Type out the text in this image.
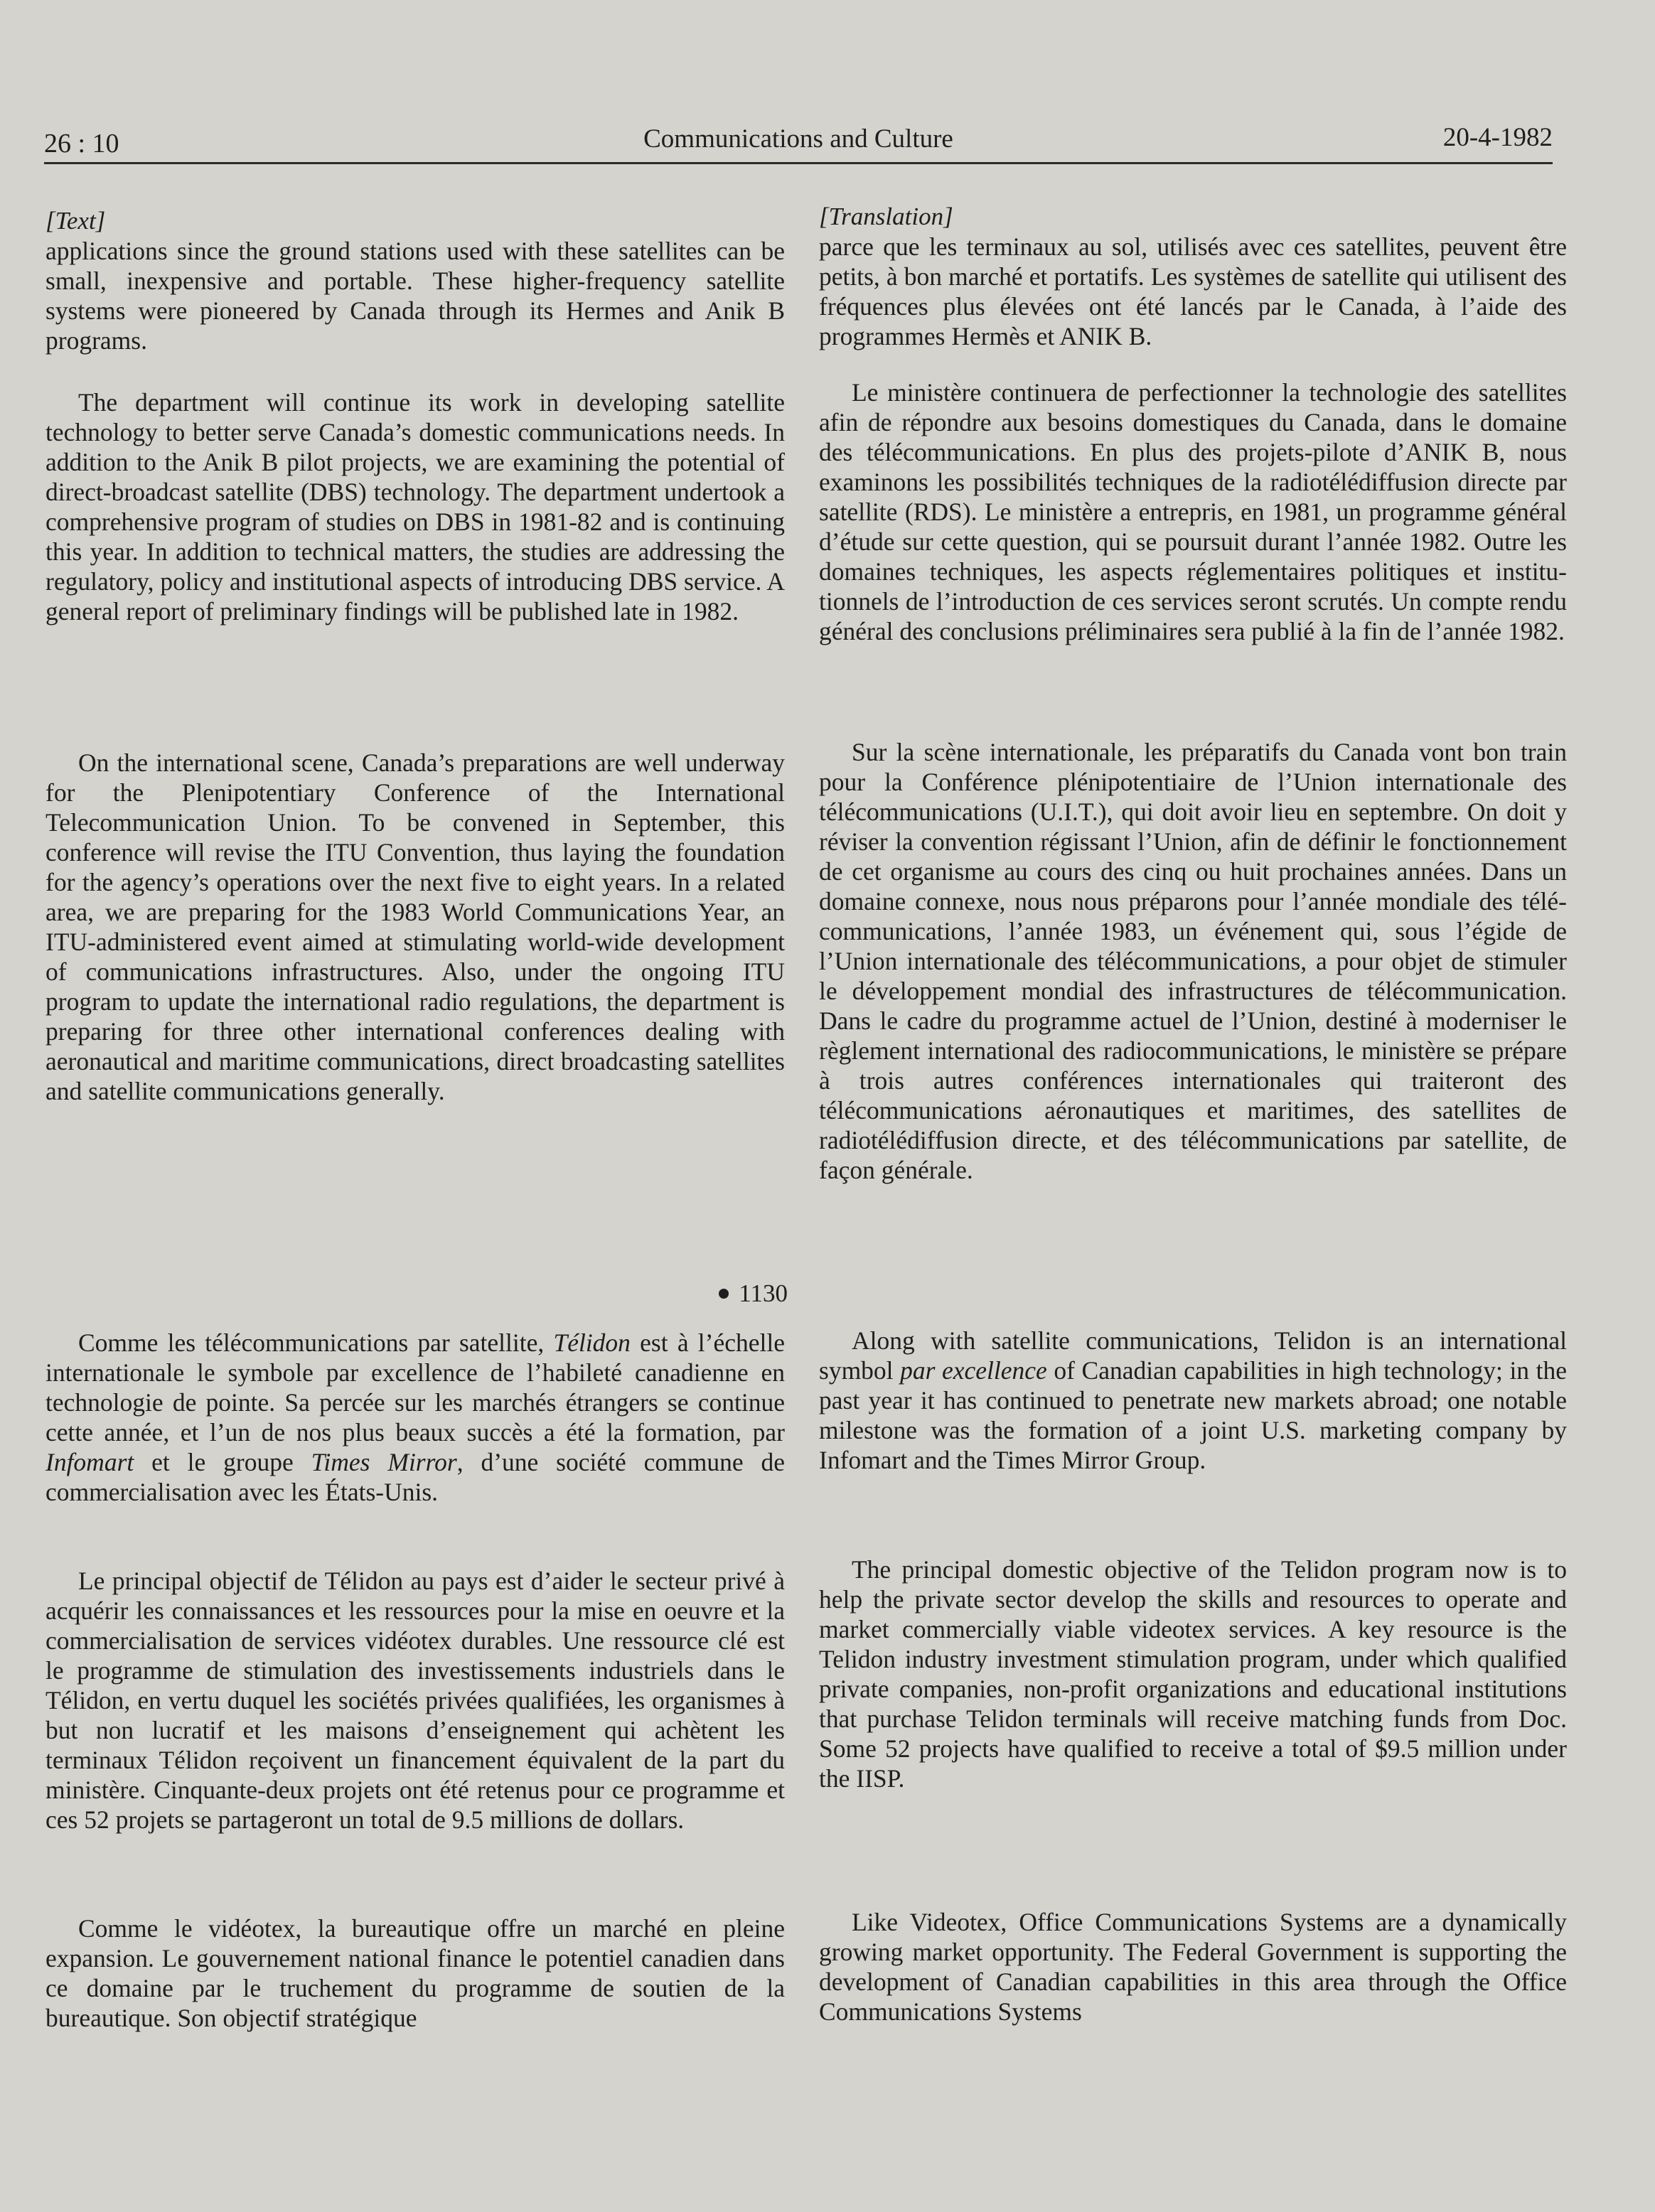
26 : 10	Communications and Culture	20-4-1982
[Text]

applications since the ground stations used with these satellites can be small, inexpensive and portable. These higher-frequency satellite systems were pioneered by Canada through its Hermes and Anik B programs.

The department will continue its work in developing satellite technology to better serve Canada’s domestic communications needs. In addition to the Anik B pilot projects, we are examining the potential of direct-broadcast satellite (DBS) technology. The department undertook a comprehensive program of studies on DBS in 1981-82 and is continuing this year. In addition to technical matters, the studies are addressing the regulatory, policy and institutional aspects of introducing DBS service. A general report of preliminary findings will be published late in 1982.

On the international scene, Canada’s preparations are well underway for the Plenipotentiary Conference of the International Telecommunication Union. To be convened in September, this conference will revise the ITU Convention, thus laying the foundation for the agency’s operations over the next five to eight years. In a related area, we are preparing for the 1983 World Communications Year, an ITU-administered event aimed at stimulating world-wide development of communications infrastructures. Also, under the ongoing ITU program to update the international radio regulations, the department is preparing for three other international conferences dealing with aeronautical and maritime communications, direct broadcasting satellites and satellite communications generally.

1130

Comme les télécommunications par satellite, Télidon est à l’échelle internationale le symbole par excellence de l’habileté canadienne en technologie de pointe. Sa percée sur les marchés étrangers se continue cette année, et l’un de nos plus beaux succès a été la formation, par Infomart et le groupe Times Mirror, d’une société commune de commercialisation avec les États-Unis.

Le principal objectif de Télidon au pays est d’aider le secteur privé à acquérir les connaissances et les ressources pour la mise en oeuvre et la commercialisation de services vidéotex durables. Une ressource clé est le programme de stimulation des investissements industriels dans le Télidon, en vertu duquel les sociétés privées qualifiées, les organismes à but non lucratif et les maisons d’enseignement qui achètent les terminaux Télidon reçoivent un financement équivalent de la part du ministère. Cinquante-deux projets ont été retenus pour ce programme et ces 52 projets se partageront un total de 9.5 millions de dollars.

Comme le vidéotex, la bureautique offre un marché en pleine expansion. Le gouvernement national finance le potentiel canadien dans ce domaine par le truchement du programme de soutien de la bureautique. Son objectif stratégique

[Translation]

parce que les terminaux au sol, utilisés avec ces satellites, peuvent être petits, à bon marché et portatifs. Les systèmes de satellite qui utilisent des fréquences plus élevées ont été lancés par le Canada, à l’aide des programmes Hermès et ANIK B.

Le ministère continuera de perfectionner la technologie des satellites afin de répondre aux besoins domestiques du Canada, dans le domaine des télécommunications. En plus des projets-pilote d’ANIK B, nous examinons les possibilités techniques de la radiotélédiffusion directe par satellite (RDS). Le ministère a entrepris, en 1981, un programme général d’étude sur cette question, qui se poursuit durant l’année 1982. Outre les domaines techniques, les aspects réglementaires politiques et institutionnels de l’introduction de ces services seront scrutés. Un compte rendu général des conclusions préliminaires sera publié à la fin de l’année 1982.

Sur la scène internationale, les préparatifs du Canada vont bon train pour la Conférence plénipotentiaire de l’Union internationale des télécommunications (U.I.T.), qui doit avoir lieu en septembre. On doit y réviser la convention régissant l’Union, afin de définir le fonctionnement de cet organisme au cours des cinq ou huit prochaines années. Dans un domaine connexe, nous nous préparons pour l’année mondiale des télécommunications, l’année 1983, un événement qui, sous l’égide de l’Union internationale des télécommunications, a pour objet de stimuler le développement mondial des infrastructures de télécommunication. Dans le cadre du programme actuel de l’Union, destiné à moderniser le règlement international des radiocommunications, le ministère se prépare à trois autres conférences internationales qui traiteront des télécommunications aéronautiques et maritimes, des satellites de radiotélédiffusion directe, et des télécommunications par satellite, de façon générale.

Along with satellite communications, Telidon is an international symbol par excellence of Canadian capabilities in high technology; in the past year it has continued to penetrate new markets abroad; one notable milestone was the formation of a joint U.S. marketing company by Infomart and the Times Mirror Group.

The principal domestic objective of the Telidon program now is to help the private sector develop the skills and resources to operate and market commercially viable videotex services. A key resource is the Telidon industry investment stimulation program, under which qualified private companies, non-profit organizations and educational institutions that purchase Telidon terminals will receive matching funds from Doc. Some 52 projects have qualified to receive a total of $9.5 million under the IISP.

Like Videotex, Office Communications Systems are a dynamically growing market opportunity. The Federal Government is supporting the development of Canadian capabilities in this area through the Office Communications Systems
